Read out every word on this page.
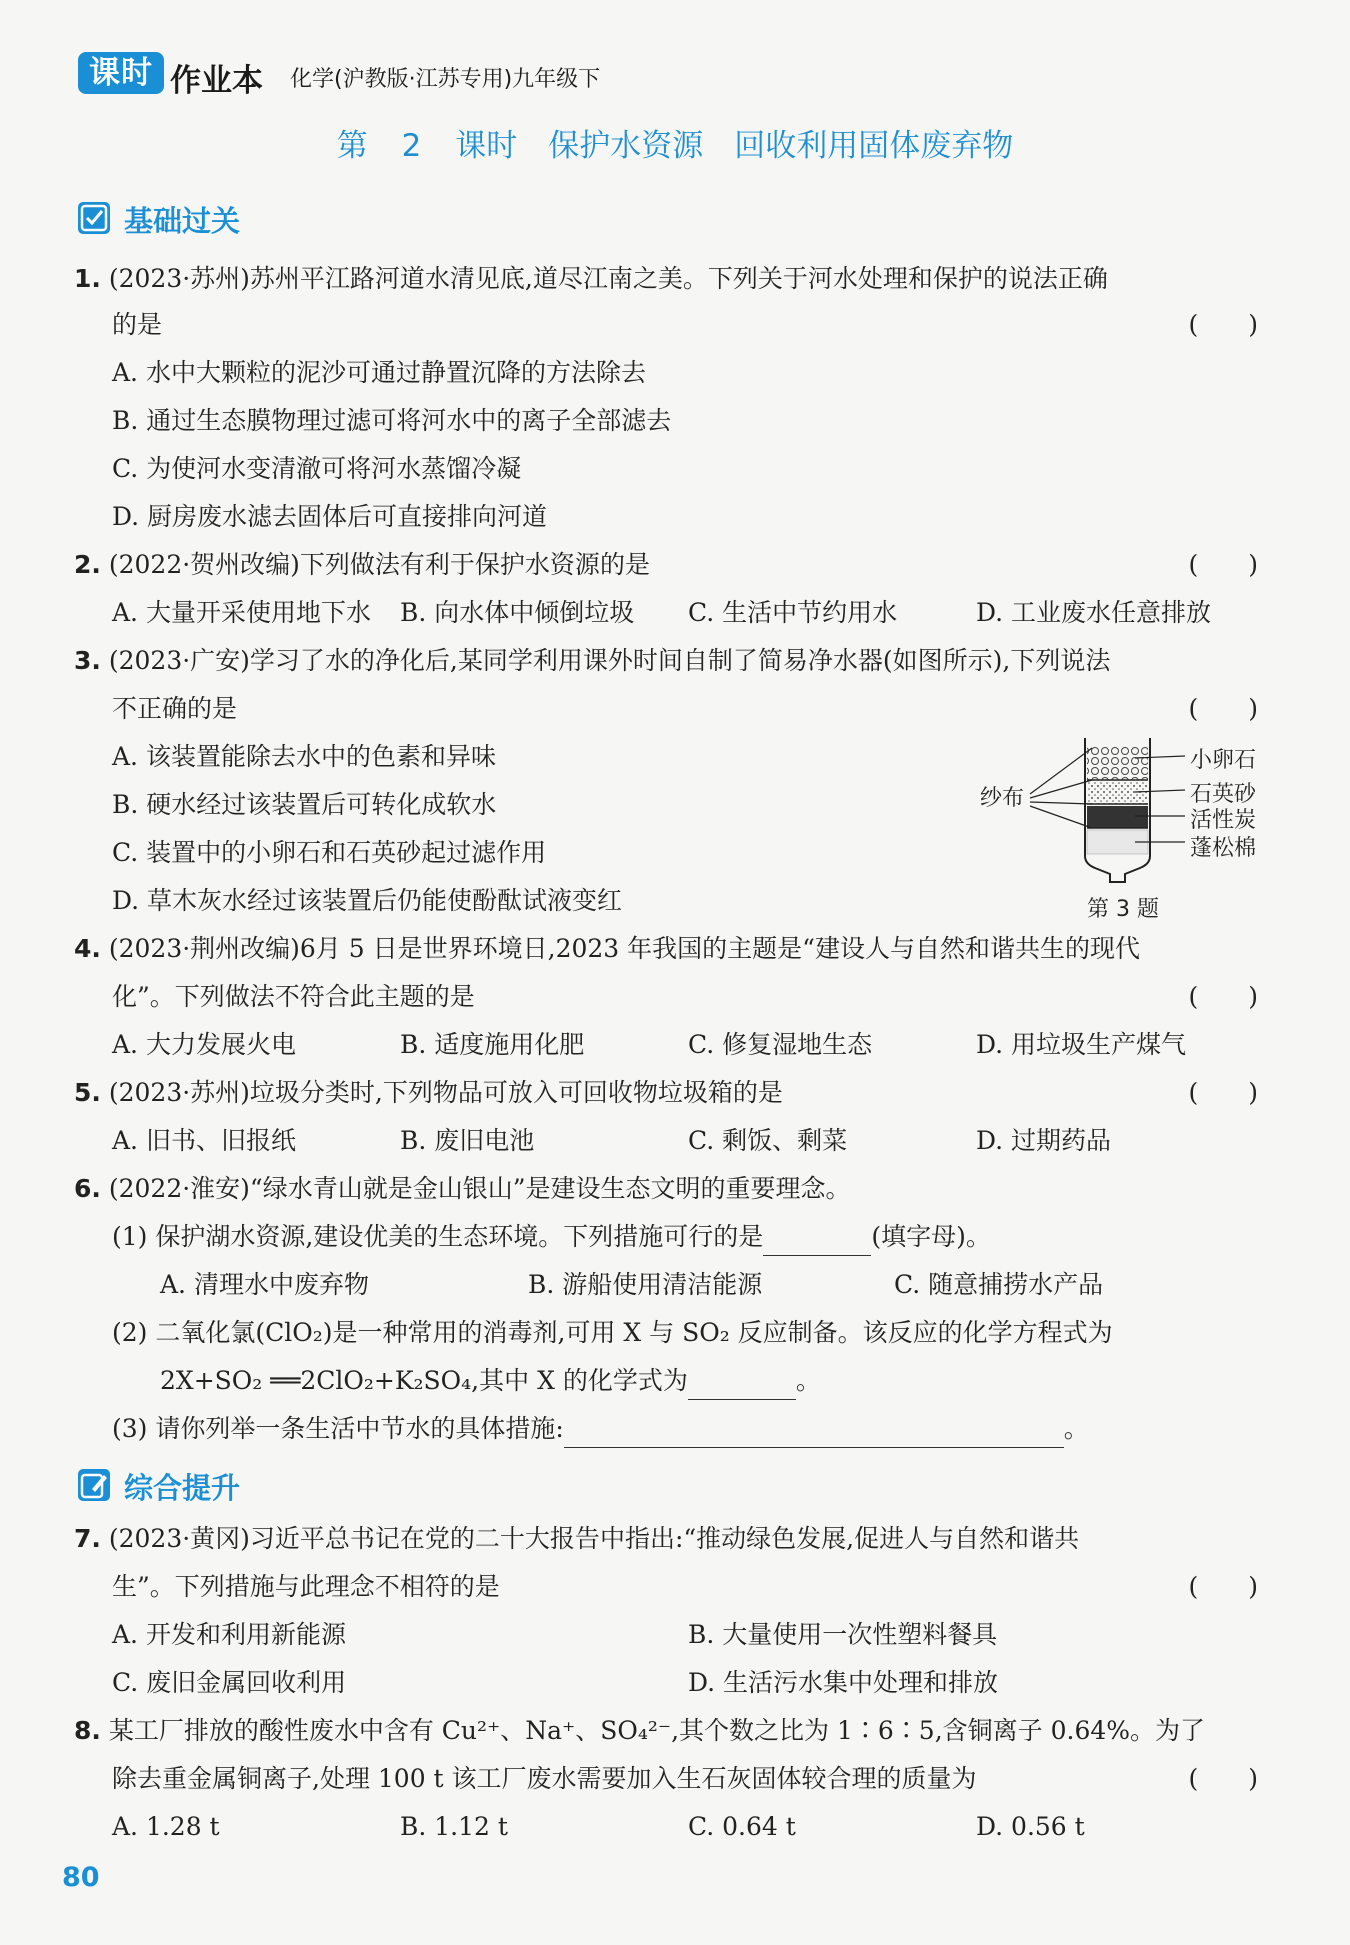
课时 作业本 化学(沪教版·江苏专用)九年级下
第 2 课时　保护水资源　回收利用固体废弃物
基础过关
1. (2023·苏州)苏州平江路河道水清见底,道尽江南之美。下列关于河水处理和保护的说法正确
的是	(　　)
A. 水中大颗粒的泥沙可通过静置沉降的方法除去
B. 通过生态膜物理过滤可将河水中的离子全部滤去
C. 为使河水变清澈可将河水蒸馏冷凝
D. 厨房废水滤去固体后可直接排向河道
2. (2022·贺州改编)下列做法有利于保护水资源的是	(　　)
A. 大量开采使用地下水 B. 向水体中倾倒垃圾 C. 生活中节约用水	D. 工业废水任意排放
3. (2023·广安)学习了水的净化后,某同学利用课外时间自制了简易净水器(如图所示),下列说法
不正确的是	(　　)
A. 该装置能除去水中的色素和异味
B. 硬水经过该装置后可转化成软水
C. 装置中的小卵石和石英砂起过滤作用
D. 草木灰水经过该装置后仍能使酚酞试液变红
纱布
小卵石
石英砂
活性炭
蓬松棉
第 3 题
4. (2023·荆州改编)6月 5 日是世界环境日,2023 年我国的主题是“建设人与自然和谐共生的现代
化”。下列做法不符合此主题的是	(　　)
A. 大力发展火电	B. 适度施用化肥	C. 修复湿地生态	D. 用垃圾生产煤气
5. (2023·苏州)垃圾分类时,下列物品可放入可回收物垃圾箱的是	(　　)
A. 旧书、旧报纸	B. 废旧电池	C. 剩饭、剩菜	D. 过期药品
6. (2022·淮安)“绿水青山就是金山银山”是建设生态文明的重要理念。
(1) 保护湖水资源,建设优美的生态环境。下列措施可行的是	(填字母)。
A. 清理水中废弃物	B. 游船使用清洁能源	C. 随意捕捞水产品
(2) 二氧化氯(ClO₂)是一种常用的消毒剂,可用 X 与 SO₂ 反应制备。该反应的化学方程式为
2X+SO₂ ══2ClO₂+K₂SO₄,其中 X 的化学式为	。
(3) 请你列举一条生活中节水的具体措施:	。
综合提升
7. (2023·黄冈)习近平总书记在党的二十大报告中指出:“推动绿色发展,促进人与自然和谐共
生”。下列措施与此理念不相符的是	(　　)
A. 开发和利用新能源	B. 大量使用一次性塑料餐具
C. 废旧金属回收利用	D. 生活污水集中处理和排放
8. 某工厂排放的酸性废水中含有 Cu²⁺、Na⁺、SO₄²⁻,其个数之比为 1∶6∶5,含铜离子 0.64%。为了
除去重金属铜离子,处理 100 t 该工厂废水需要加入生石灰固体较合理的质量为	(　　)
A. 1.28 t	B. 1.12 t	C. 0.64 t	D. 0.56 t
80
